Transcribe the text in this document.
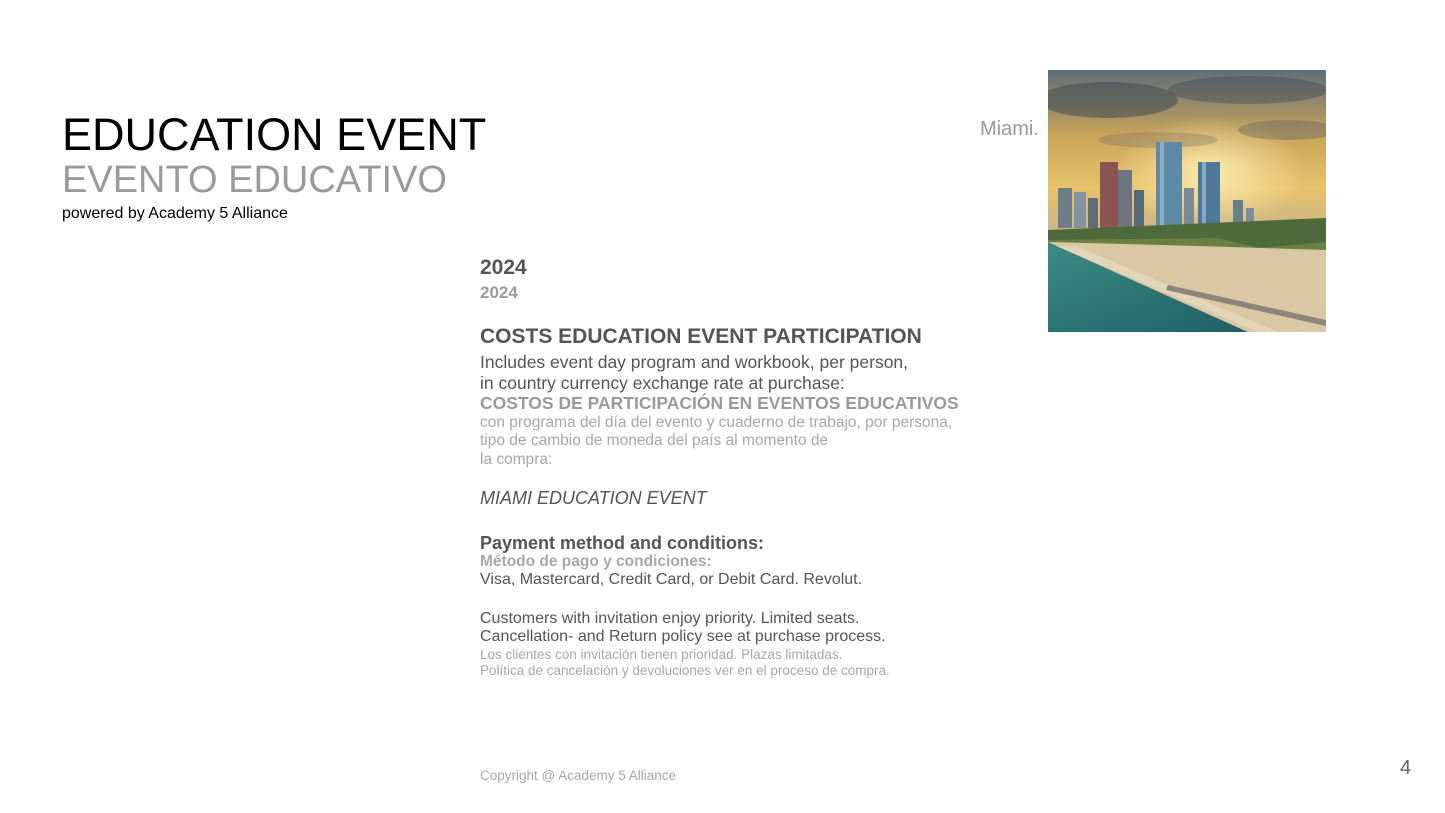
EDUCATION EVENT
EVENTO EDUCATIVO
powered by Academy 5 Alliance
Miami.
2024
2024
COSTS EDUCATION EVENT PARTICIPATION
Includes event day program and workbook, per person,
in country currency exchange rate at purchase:
COSTOS DE PARTICIPACIÓN EN EVENTOS EDUCATIVOS
con programa del día del evento y cuaderno de trabajo, por persona,
tipo de cambio de moneda del país al momento de
la compra:
MIAMI EDUCATION EVENT
Payment method and conditions:
Método de pago y condiciones:
Visa, Mastercard, Credit Card, or Debit Card. Revolut.
Customers with invitation enjoy priority. Limited seats.
Cancellation- and Return policy see at purchase process.
Los clientes con invitación tienen prioridad. Plazas limitadas.
Política de cancelación y devoluciones ver en el proceso de compra.
Copyright @ Academy 5 Alliance	4
